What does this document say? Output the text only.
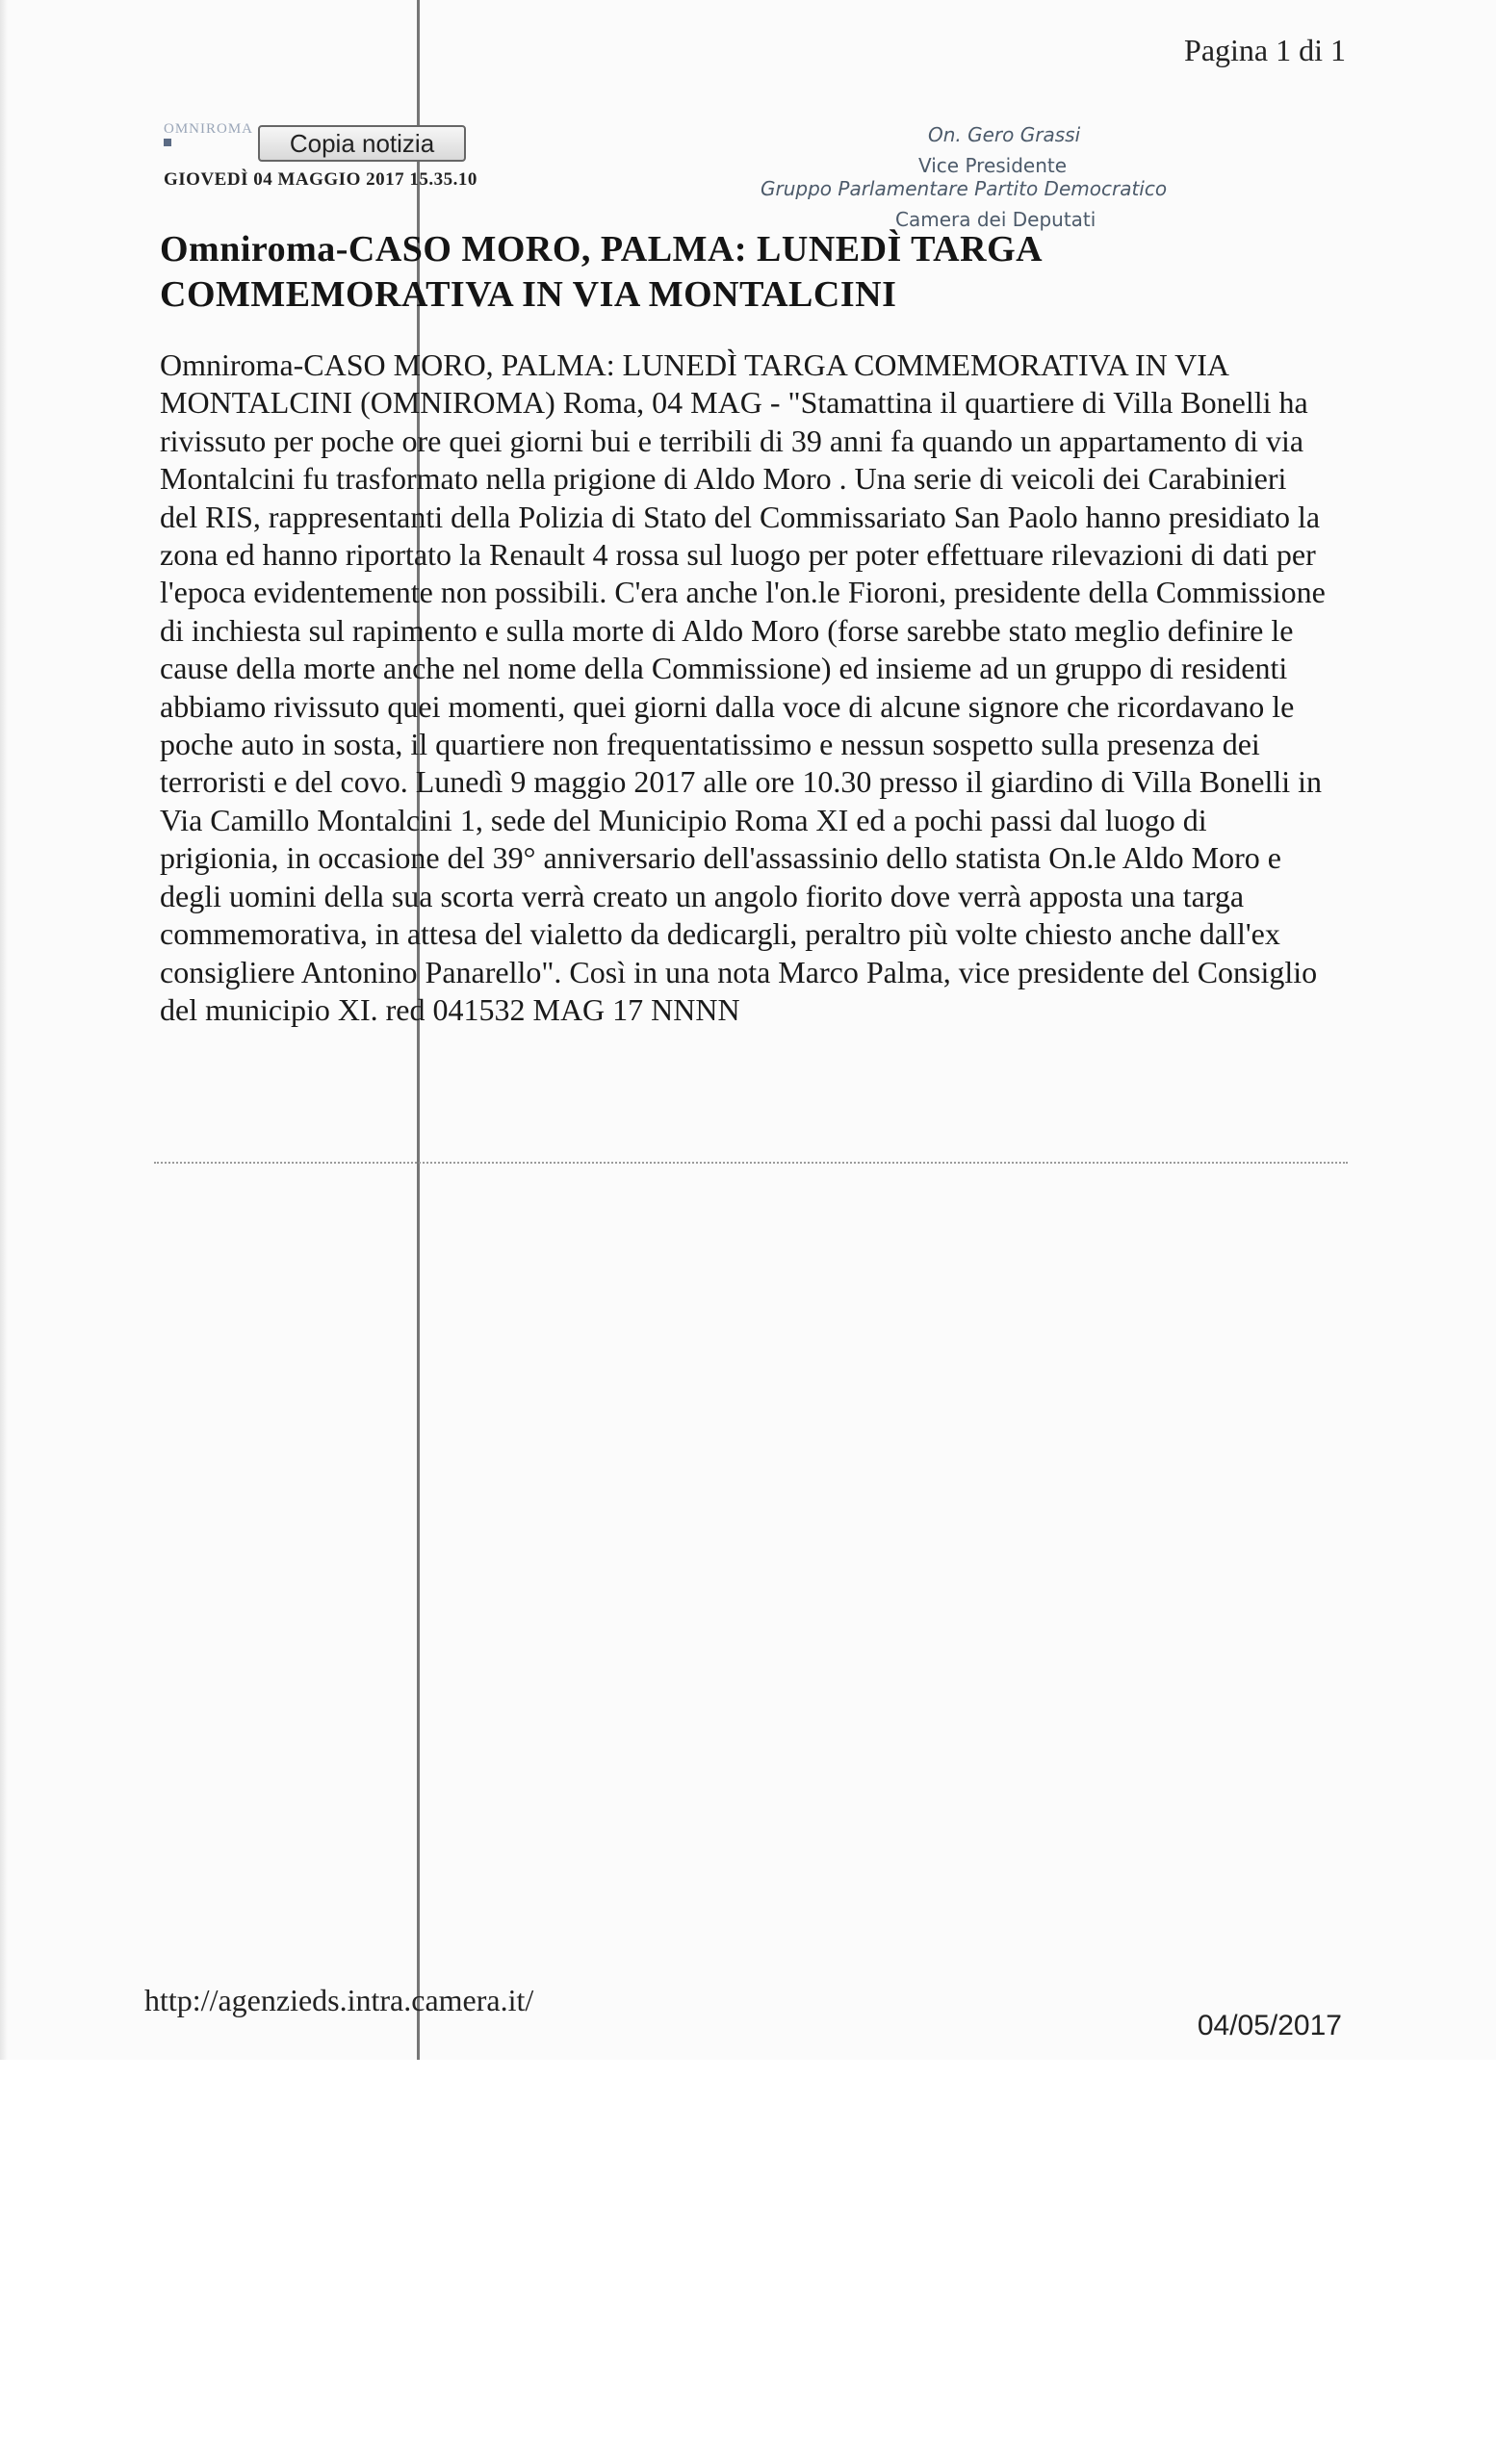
Pagina 1 di 1
OMNIROMA	Copia notizia
GIOVEDÌ 04 MAGGIO 2017 15.35.10
On. Gero Grassi
Vice Presidente
Gruppo Parlamentare Partito Democratico
Camera dei Deputati
Omniroma-CASO MORO, PALMA: LUNEDÌ TARGA COMMEMORATIVA IN VIA MONTALCINI

Omniroma-CASO MORO, PALMA: LUNEDÌ TARGA COMMEMORATIVA IN VIA MONTALCINI (OMNIROMA) Roma, 04 MAG - "Stamattina il quartiere di Villa Bonelli ha rivissuto per poche ore quei giorni bui e terribili di 39 anni fa quando un appartamento di via Montalcini fu trasformato nella prigione di Aldo Moro . Una serie di veicoli dei Carabinieri del RIS, rappresentanti della Polizia di Stato del Commissariato San Paolo hanno presidiato la zona ed hanno riportato la Renault 4 rossa sul luogo per poter effettuare rilevazioni di dati per l'epoca evidentemente non possibili. C'era anche l'on.le Fioroni, presidente della Commissione di inchiesta sul rapimento e sulla morte di Aldo Moro (forse sarebbe stato meglio definire le cause della morte anche nel nome della Commissione) ed insieme ad un gruppo di residenti abbiamo rivissuto quei momenti, quei giorni dalla voce di alcune signore che ricordavano le poche auto in sosta, il quartiere non frequentatissimo e nessun sospetto sulla presenza dei terroristi e del covo. Lunedì 9 maggio 2017 alle ore 10.30 presso il giardino di Villa Bonelli in Via Camillo Montalcini 1, sede del Municipio Roma XI ed a pochi passi dal luogo di prigionia, in occasione del 39° anniversario dell'assassinio dello statista On.le Aldo Moro e degli uomini della sua scorta verrà creato un angolo fiorito dove verrà apposta una targa commemorativa, in attesa del vialetto da dedicargli, peraltro più volte chiesto anche dall'ex consigliere Antonino Panarello". Così in una nota Marco Palma, vice presidente del Consiglio del municipio XI. red 041532 MAG 17 NNNN

http://agenzieds.intra.camera.it/
04/05/2017
